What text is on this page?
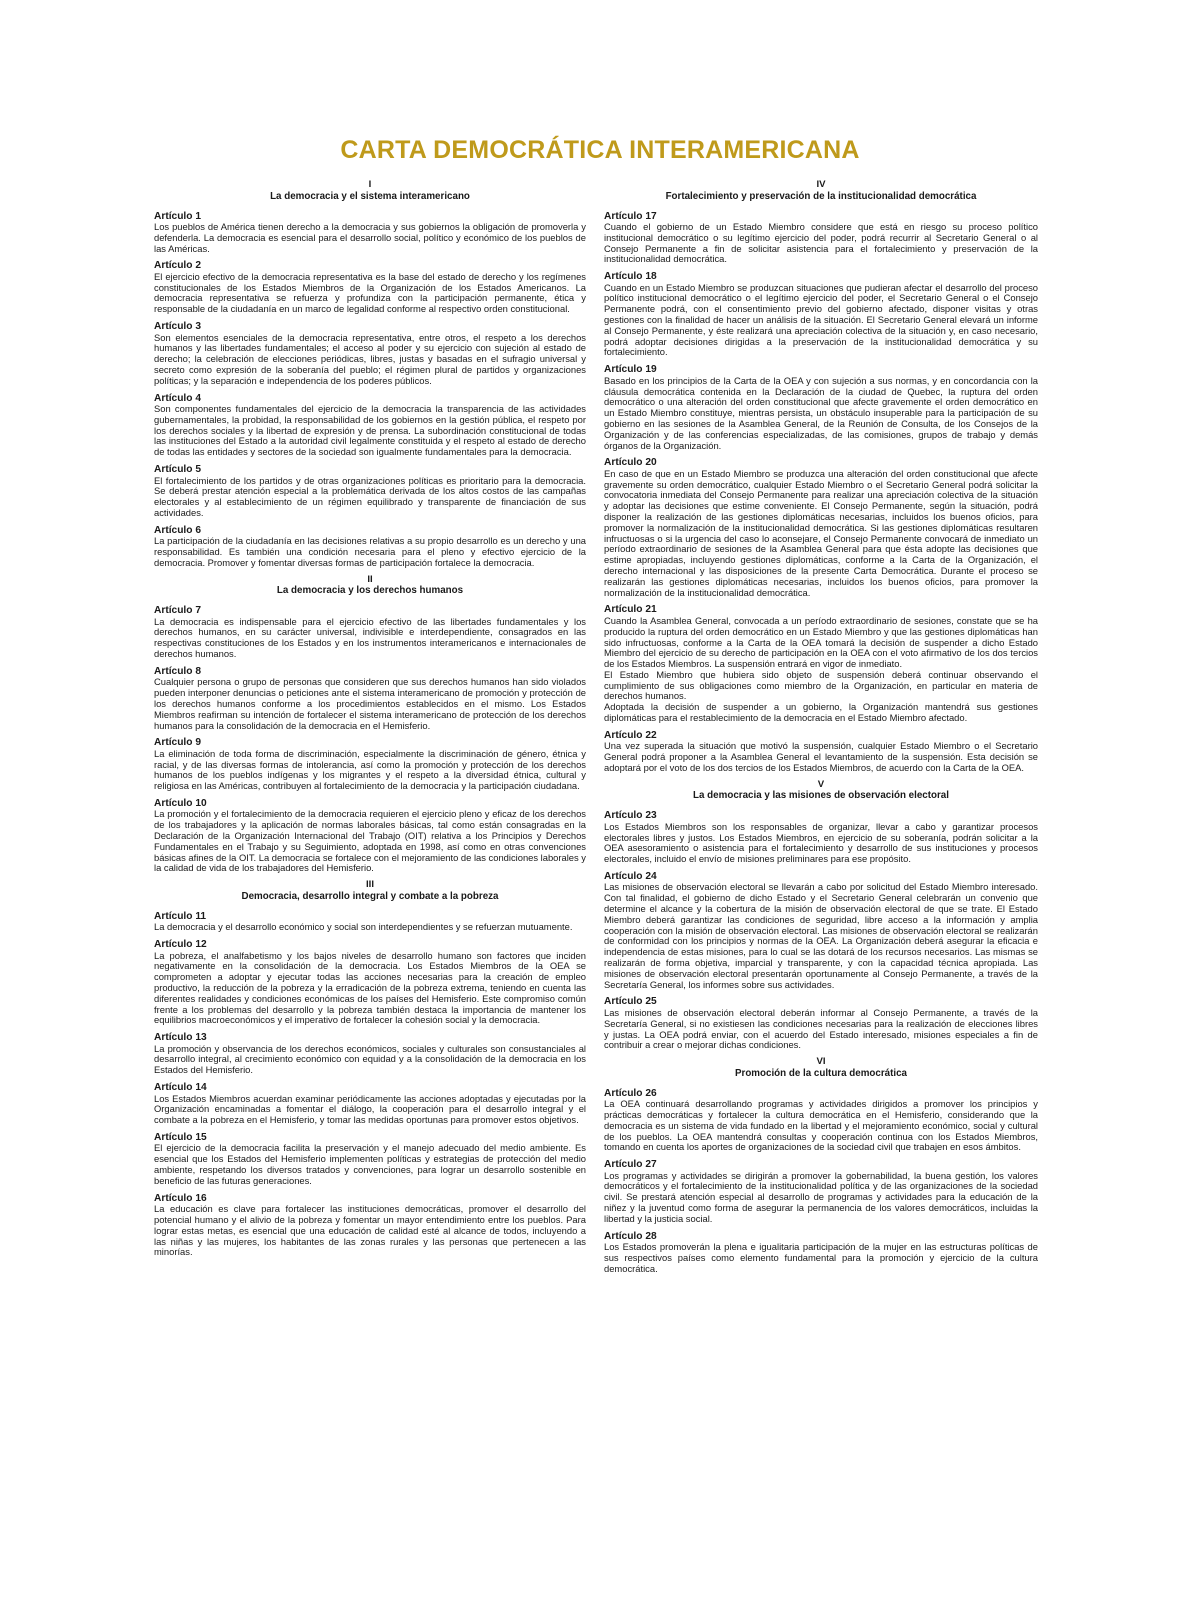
CARTA DEMOCRÁTICA INTERAMERICANA
I
La democracia y el sistema interamericano
Artículo 1

Los pueblos de América tienen derecho a la democracia y sus gobiernos la obligación de promoverla y defenderla. La democracia es esencial para el desarrollo social, político y económico de los pueblos de las Américas.

Artículo 2

El ejercicio efectivo de la democracia representativa es la base del estado de derecho y los regímenes constitucionales de los Estados Miembros de la Organización de los Estados Americanos. La democracia representativa se refuerza y profundiza con la participación permanente, ética y responsable de la ciudadanía en un marco de legalidad conforme al respectivo orden constitucional.

Artículo 3

Son elementos esenciales de la democracia representativa, entre otros, el respeto a los derechos humanos y las libertades fundamentales; el acceso al poder y su ejercicio con sujeción al estado de derecho; la celebración de elecciones periódicas, libres, justas y basadas en el sufragio universal y secreto como expresión de la soberanía del pueblo; el régimen plural de partidos y organizaciones políticas; y la separación e independencia de los poderes públicos.

Artículo 4

Son componentes fundamentales del ejercicio de la democracia la transparencia de las actividades gubernamentales, la probidad, la responsabilidad de los gobiernos en la gestión pública, el respeto por los derechos sociales y la libertad de expresión y de prensa. La subordinación constitucional de todas las instituciones del Estado a la autoridad civil legalmente constituida y el respeto al estado de derecho de todas las entidades y sectores de la sociedad son igualmente fundamentales para la democracia.

Artículo 5

El fortalecimiento de los partidos y de otras organizaciones políticas es prioritario para la democracia. Se deberá prestar atención especial a la problemática derivada de los altos costos de las campañas electorales y al establecimiento de un régimen equilibrado y transparente de financiación de sus actividades.

Artículo 6

La participación de la ciudadanía en las decisiones relativas a su propio desarrollo es un derecho y una responsabilidad. Es también una condición necesaria para el pleno y efectivo ejercicio de la democracia. Promover y fomentar diversas formas de participación fortalece la democracia.

II
La democracia y los derechos humanos
Artículo 7

La democracia es indispensable para el ejercicio efectivo de las libertades fundamentales y los derechos humanos, en su carácter universal, indivisible e interdependiente, consagrados en las respectivas constituciones de los Estados y en los instrumentos interamericanos e internacionales de derechos humanos.

Artículo 8

Cualquier persona o grupo de personas que consideren que sus derechos humanos han sido violados pueden interponer denuncias o peticiones ante el sistema interamericano de promoción y protección de los derechos humanos conforme a los procedimientos establecidos en el mismo. Los Estados Miembros reafirman su intención de fortalecer el sistema interamericano de protección de los derechos humanos para la consolidación de la democracia en el Hemisferio.

Artículo 9

La eliminación de toda forma de discriminación, especialmente la discriminación de género, étnica y racial, y de las diversas formas de intolerancia, así como la promoción y protección de los derechos humanos de los pueblos indígenas y los migrantes y el respeto a la diversidad étnica, cultural y religiosa en las Américas, contribuyen al fortalecimiento de la democracia y la participación ciudadana.

Artículo 10

La promoción y el fortalecimiento de la democracia requieren el ejercicio pleno y eficaz de los derechos de los trabajadores y la aplicación de normas laborales básicas, tal como están consagradas en la Declaración de la Organización Internacional del Trabajo (OIT) relativa a los Principios y Derechos Fundamentales en el Trabajo y su Seguimiento, adoptada en 1998, así como en otras convenciones básicas afines de la OIT. La democracia se fortalece con el mejoramiento de las condiciones laborales y la calidad de vida de los trabajadores del Hemisferio.

III
Democracia, desarrollo integral y combate a la pobreza
Artículo 11

La democracia y el desarrollo económico y social son interdependientes y se refuerzan mutuamente.

Artículo 12

La pobreza, el analfabetismo y los bajos niveles de desarrollo humano son factores que inciden negativamente en la consolidación de la democracia. Los Estados Miembros de la OEA se comprometen a adoptar y ejecutar todas las acciones necesarias para la creación de empleo productivo, la reducción de la pobreza y la erradicación de la pobreza extrema, teniendo en cuenta las diferentes realidades y condiciones económicas de los países del Hemisferio. Este compromiso común frente a los problemas del desarrollo y la pobreza también destaca la importancia de mantener los equilibrios macroeconómicos y el imperativo de fortalecer la cohesión social y la democracia.

Artículo 13

La promoción y observancia de los derechos económicos, sociales y culturales son consustanciales al desarrollo integral, al crecimiento económico con equidad y a la consolidación de la democracia en los Estados del Hemisferio.

Artículo 14

Los Estados Miembros acuerdan examinar periódicamente las acciones adoptadas y ejecutadas por la Organización encaminadas a fomentar el diálogo, la cooperación para el desarrollo integral y el combate a la pobreza en el Hemisferio, y tomar las medidas oportunas para promover estos objetivos.

Artículo 15

El ejercicio de la democracia facilita la preservación y el manejo adecuado del medio ambiente. Es esencial que los Estados del Hemisferio implementen políticas y estrategias de protección del medio ambiente, respetando los diversos tratados y convenciones, para lograr un desarrollo sostenible en beneficio de las futuras generaciones.

Artículo 16

La educación es clave para fortalecer las instituciones democráticas, promover el desarrollo del potencial humano y el alivio de la pobreza y fomentar un mayor entendimiento entre los pueblos. Para lograr estas metas, es esencial que una educación de calidad esté al alcance de todos, incluyendo a las niñas y las mujeres, los habitantes de las zonas rurales y las personas que pertenecen a las minorías.

IV
Fortalecimiento y preservación de la institucionalidad democrática
Artículo 17

Cuando el gobierno de un Estado Miembro considere que está en riesgo su proceso político institucional democrático o su legítimo ejercicio del poder, podrá recurrir al Secretario General o al Consejo Permanente a fin de solicitar asistencia para el fortalecimiento y preservación de la institucionalidad democrática.

Artículo 18

Cuando en un Estado Miembro se produzcan situaciones que pudieran afectar el desarrollo del proceso político institucional democrático o el legítimo ejercicio del poder, el Secretario General o el Consejo Permanente podrá, con el consentimiento previo del gobierno afectado, disponer visitas y otras gestiones con la finalidad de hacer un análisis de la situación. El Secretario General elevará un informe al Consejo Permanente, y éste realizará una apreciación colectiva de la situación y, en caso necesario, podrá adoptar decisiones dirigidas a la preservación de la institucionalidad democrática y su fortalecimiento.

Artículo 19

Basado en los principios de la Carta de la OEA y con sujeción a sus normas, y en concordancia con la cláusula democrática contenida en la Declaración de la ciudad de Quebec, la ruptura del orden democrático o una alteración del orden constitucional que afecte gravemente el orden democrático en un Estado Miembro constituye, mientras persista, un obstáculo insuperable para la participación de su gobierno en las sesiones de la Asamblea General, de la Reunión de Consulta, de los Consejos de la Organización y de las conferencias especializadas, de las comisiones, grupos de trabajo y demás órganos de la Organización.

Artículo 20

En caso de que en un Estado Miembro se produzca una alteración del orden constitucional que afecte gravemente su orden democrático, cualquier Estado Miembro o el Secretario General podrá solicitar la convocatoria inmediata del Consejo Permanente para realizar una apreciación colectiva de la situación y adoptar las decisiones que estime conveniente. El Consejo Permanente, según la situación, podrá disponer la realización de las gestiones diplomáticas necesarias, incluidos los buenos oficios, para promover la normalización de la institucionalidad democrática. Si las gestiones diplomáticas resultaren infructuosas o si la urgencia del caso lo aconsejare, el Consejo Permanente convocará de inmediato un período extraordinario de sesiones de la Asamblea General para que ésta adopte las decisiones que estime apropiadas, incluyendo gestiones diplomáticas, conforme a la Carta de la Organización, el derecho internacional y las disposiciones de la presente Carta Democrática. Durante el proceso se realizarán las gestiones diplomáticas necesarias, incluidos los buenos oficios, para promover la normalización de la institucionalidad democrática.

Artículo 21

Cuando la Asamblea General, convocada a un período extraordinario de sesiones, constate que se ha producido la ruptura del orden democrático en un Estado Miembro y que las gestiones diplomáticas han sido infructuosas, conforme a la Carta de la OEA tomará la decisión de suspender a dicho Estado Miembro del ejercicio de su derecho de participación en la OEA con el voto afirmativo de los dos tercios de los Estados Miembros. La suspensión entrará en vigor de inmediato.

El Estado Miembro que hubiera sido objeto de suspensión deberá continuar observando el cumplimiento de sus obligaciones como miembro de la Organización, en particular en materia de derechos humanos.

Adoptada la decisión de suspender a un gobierno, la Organización mantendrá sus gestiones diplomáticas para el restablecimiento de la democracia en el Estado Miembro afectado.

Artículo 22

Una vez superada la situación que motivó la suspensión, cualquier Estado Miembro o el Secretario General podrá proponer a la Asamblea General el levantamiento de la suspensión. Esta decisión se adoptará por el voto de los dos tercios de los Estados Miembros, de acuerdo con la Carta de la OEA.

V
La democracia y las misiones de observación electoral
Artículo 23

Los Estados Miembros son los responsables de organizar, llevar a cabo y garantizar procesos electorales libres y justos. Los Estados Miembros, en ejercicio de su soberanía, podrán solicitar a la OEA asesoramiento o asistencia para el fortalecimiento y desarrollo de sus instituciones y procesos electorales, incluido el envío de misiones preliminares para ese propósito.

Artículo 24

Las misiones de observación electoral se llevarán a cabo por solicitud del Estado Miembro interesado. Con tal finalidad, el gobierno de dicho Estado y el Secretario General celebrarán un convenio que determine el alcance y la cobertura de la misión de observación electoral de que se trate. El Estado Miembro deberá garantizar las condiciones de seguridad, libre acceso a la información y amplia cooperación con la misión de observación electoral. Las misiones de observación electoral se realizarán de conformidad con los principios y normas de la OEA. La Organización deberá asegurar la eficacia e independencia de estas misiones, para lo cual se las dotará de los recursos necesarios. Las mismas se realizarán de forma objetiva, imparcial y transparente, y con la capacidad técnica apropiada. Las misiones de observación electoral presentarán oportunamente al Consejo Permanente, a través de la Secretaría General, los informes sobre sus actividades.

Artículo 25

Las misiones de observación electoral deberán informar al Consejo Permanente, a través de la Secretaría General, si no existiesen las condiciones necesarias para la realización de elecciones libres y justas. La OEA podrá enviar, con el acuerdo del Estado interesado, misiones especiales a fin de contribuir a crear o mejorar dichas condiciones.

VI
Promoción de la cultura democrática
Artículo 26

La OEA continuará desarrollando programas y actividades dirigidos a promover los principios y prácticas democráticas y fortalecer la cultura democrática en el Hemisferio, considerando que la democracia es un sistema de vida fundado en la libertad y el mejoramiento económico, social y cultural de los pueblos. La OEA mantendrá consultas y cooperación continua con los Estados Miembros, tomando en cuenta los aportes de organizaciones de la sociedad civil que trabajen en esos ámbitos.

Artículo 27

Los programas y actividades se dirigirán a promover la gobernabilidad, la buena gestión, los valores democráticos y el fortalecimiento de la institucionalidad política y de las organizaciones de la sociedad civil. Se prestará atención especial al desarrollo de programas y actividades para la educación de la niñez y la juventud como forma de asegurar la permanencia de los valores democráticos, incluidas la libertad y la justicia social.

Artículo 28

Los Estados promoverán la plena e igualitaria participación de la mujer en las estructuras políticas de sus respectivos países como elemento fundamental para la promoción y ejercicio de la cultura democrática.
